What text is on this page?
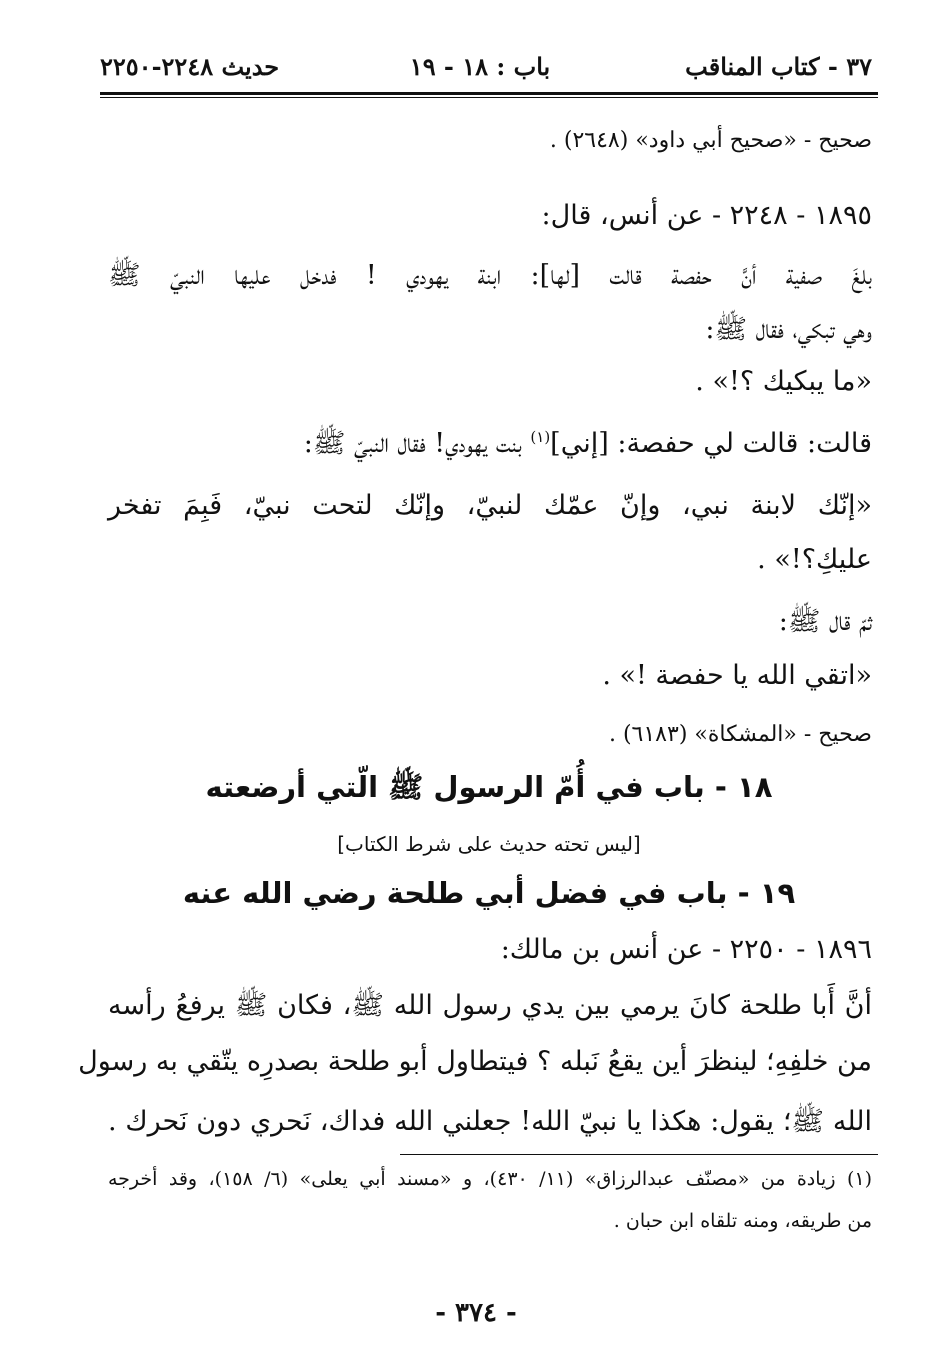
٣٧ - كتاب المناقب
باب : ١٨ - ١٩
حديث ٢٢٤٨-٢٢٥٠
صحيح - «صحيح أبي داود» (٢٦٤٨) .
١٨٩٥ - ٢٢٤٨ - عن أنس، قال:
بلغَ صفية أنَّ حفصة قالت [لها]: ابنة يهودي ! فدخل عليها النبيّ ﷺ
وهي تبكي، فقال ﷺ:
«ما يبكيك ؟!» .
قالت: قالت لي حفصة: [إني]$^{(١)}$ بنت يهودي! فقال النبيّ ﷺ:
«إنّك لابنة نبي، وإنّ عمّك لنبيّ، وإنّك لتحت نبيّ، فَبِمَ تفخر
عليكِ؟!» .
ثمّ قال ﷺ:
«اتقي الله يا حفصة !» .
صحيح - «المشكاة» (٦١٨٣) .
١٨ - باب في أُمّ الرسول ﷺ الّتي أرضعته
[ليس تحته حديث على شرط الكتاب]
١٩ - باب في فضل أبي طلحة رضي الله عنه
١٨٩٦ - ٢٢٥٠ - عن أنس بن مالك:
أنَّ أَبا طلحة كانَ يرمي بين يدي رسول الله ﷺ، فكان ﷺ يرفعُ رأسه
من خلفِهِ؛ لينظرَ أين يقعُ نَبله ؟ فيتطاول أبو طلحة بصدرِه يتّقي به رسول
الله ﷺ؛ يقول: هكذا يا نبيّ الله! جعلني الله فداك، نَحري دون نَحرك .
(١) زيادة من «مصنّف عبدالرزاق» (١١/ ٤٣٠)، و «مسند أبي يعلى» (٦/ ١٥٨)، وقد أخرجه
من طريقه، ومنه تلقاه ابن حبان .
- ٣٧٤ -
